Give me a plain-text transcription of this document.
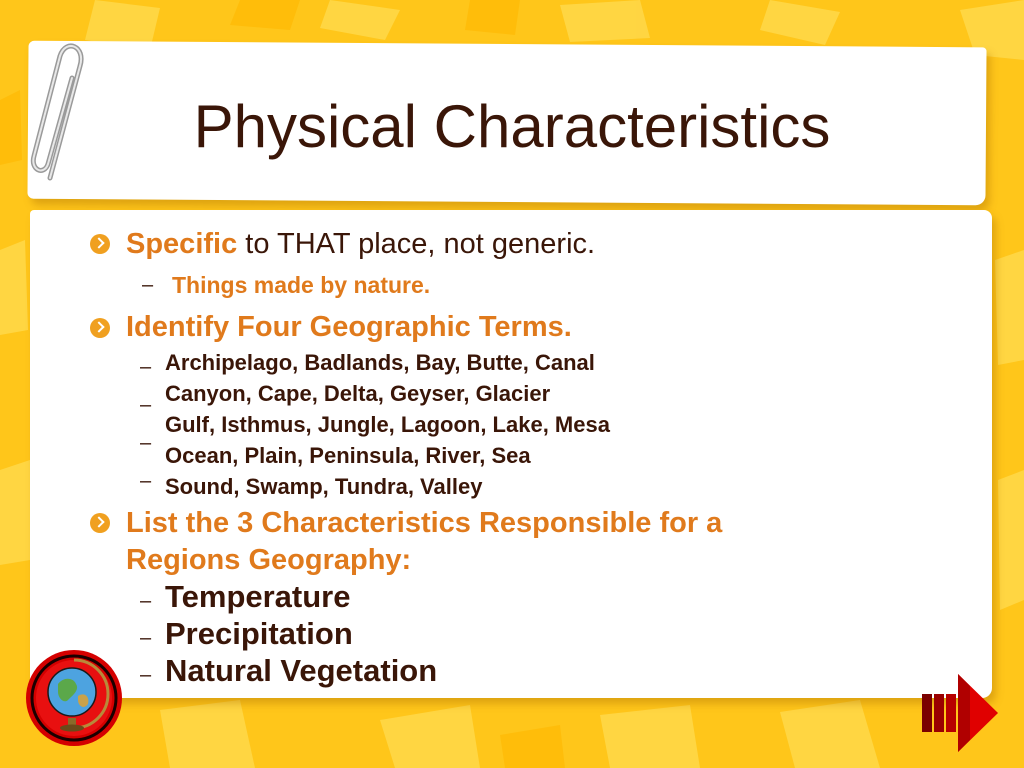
Physical Characteristics
Specific to THAT place, not generic.
– Things made by nature.
Identify Four Geographic Terms.
–
–
–
–
Archipelago, Badlands, Bay, Butte, Canal
Canyon, Cape, Delta, Geyser, Glacier
Gulf, Isthmus, Jungle, Lagoon, Lake, Mesa
Ocean, Plain, Peninsula, River, Sea
Sound, Swamp, Tundra, Valley
List the 3 Characteristics Responsible for a
Regions Geography:
–
–
–
Temperature
Precipitation
Natural Vegetation
